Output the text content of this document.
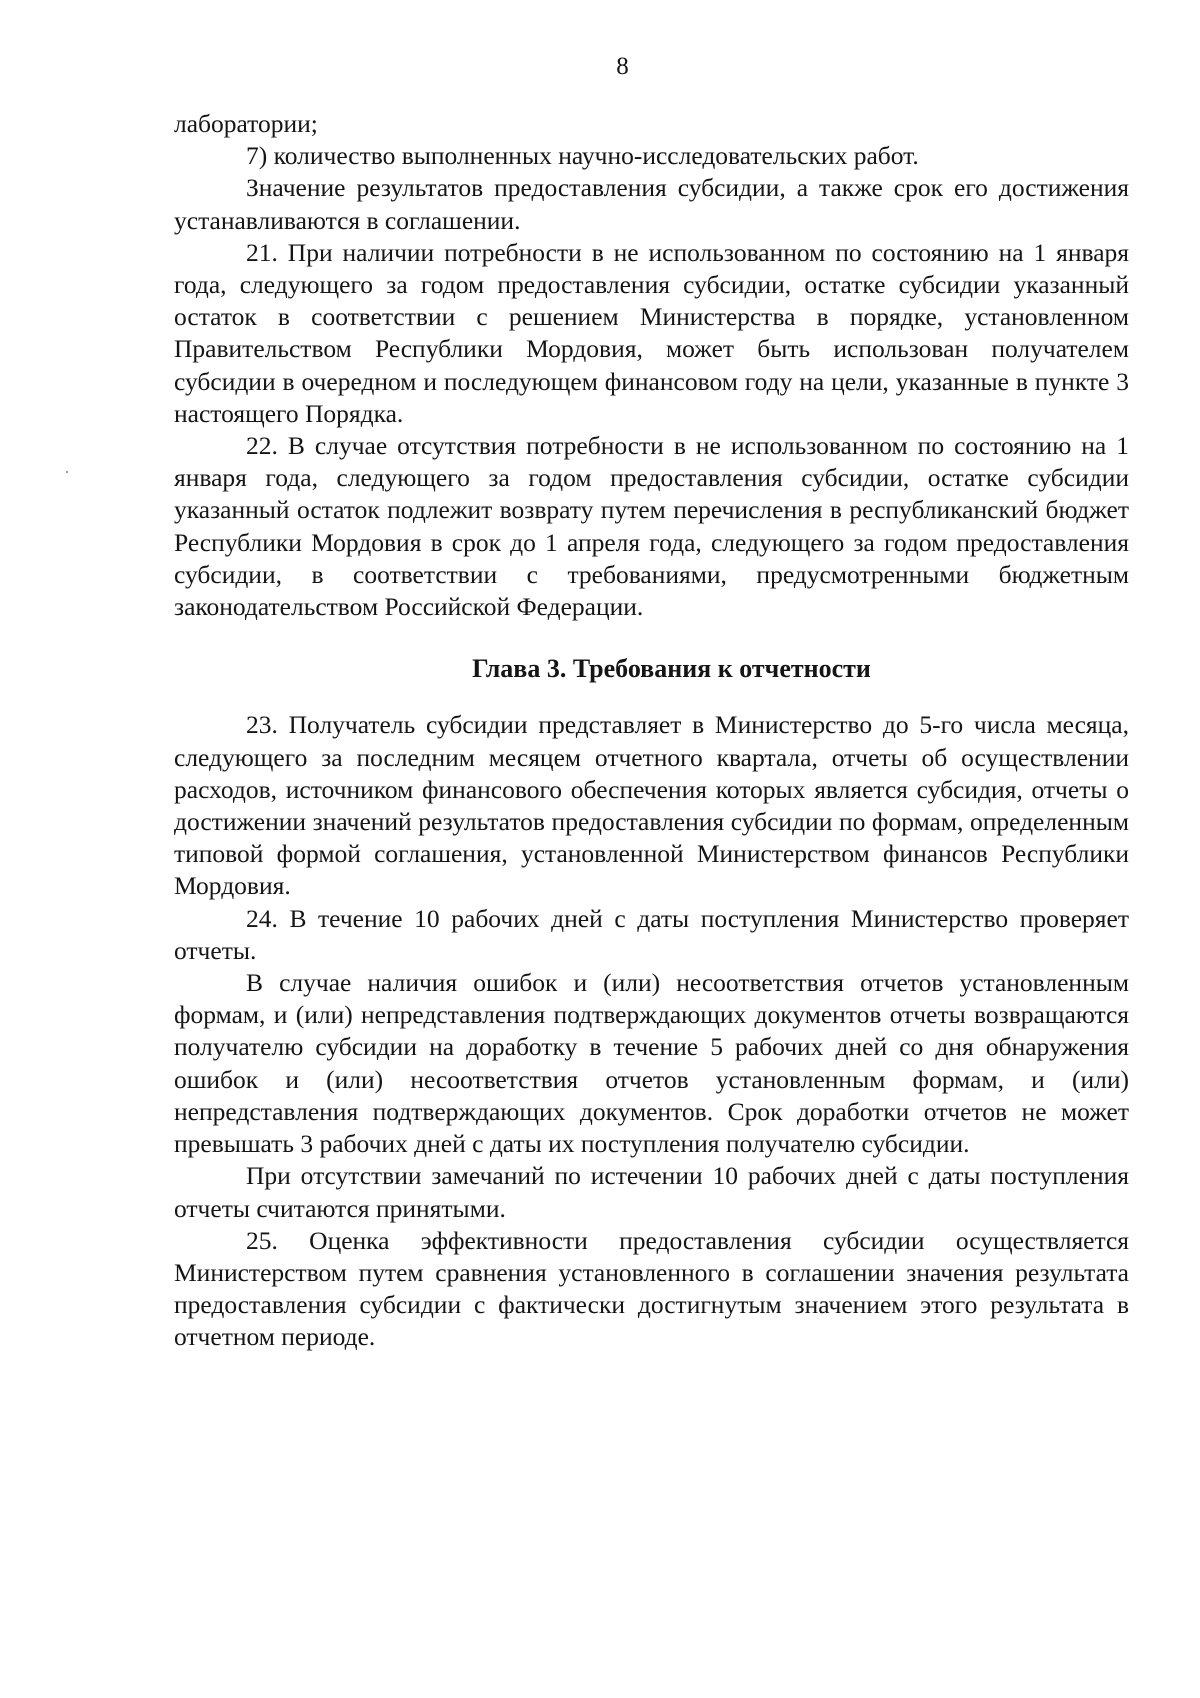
8

лаборатории;

7) количество выполненных научно-исследовательских работ.

Значение результатов предоставления субсидии, а также срок его достижения устанавливаются в соглашении.

21. При наличии потребности в не использованном по состоянию на 1 января года, следующего за годом предоставления субсидии, остатке субсидии указанный остаток в соответствии с решением Министерства в порядке, установленном Правительством Республики Мордовия, может быть использован получателем субсидии в очередном и последующем финансовом году на цели, указанные в пункте 3 настоящего Порядка.

22. В случае отсутствия потребности в не использованном по состоянию на 1 января года, следующего за годом предоставления субсидии, остатке субсидии указанный остаток подлежит возврату путем перечисления в республиканский бюджет Республики Мордовия в срок до 1 апреля года, следующего за годом предоставления субсидии, в соответствии с требованиями, предусмотренными бюджетным законодательством Российской Федерации.

Глава 3. Требования к отчетности

23. Получатель субсидии представляет в Министерство до 5-го числа месяца, следующего за последним месяцем отчетного квартала, отчеты об осуществлении расходов, источником финансового обеспечения которых является субсидия, отчеты о достижении значений результатов предоставления субсидии по формам, определенным типовой формой соглашения, установленной Министерством финансов Республики Мордовия.

24. В течение 10 рабочих дней с даты поступления Министерство проверяет отчеты.

В случае наличия ошибок и (или) несоответствия отчетов установленным формам, и (или) непредставления подтверждающих документов отчеты возвращаются получателю субсидии на доработку в течение 5 рабочих дней со дня обнаружения ошибок и (или) несоответствия отчетов установленным формам, и (или) непредставления подтверждающих документов. Срок доработки отчетов не может превышать 3 рабочих дней с даты их поступления получателю субсидии.

При отсутствии замечаний по истечении 10 рабочих дней с даты поступления отчеты считаются принятыми.

25. Оценка эффективности предоставления субсидии осуществляется Министерством путем сравнения установленного в соглашении значения результата предоставления субсидии с фактически достигнутым значением этого результата в отчетном периоде.
